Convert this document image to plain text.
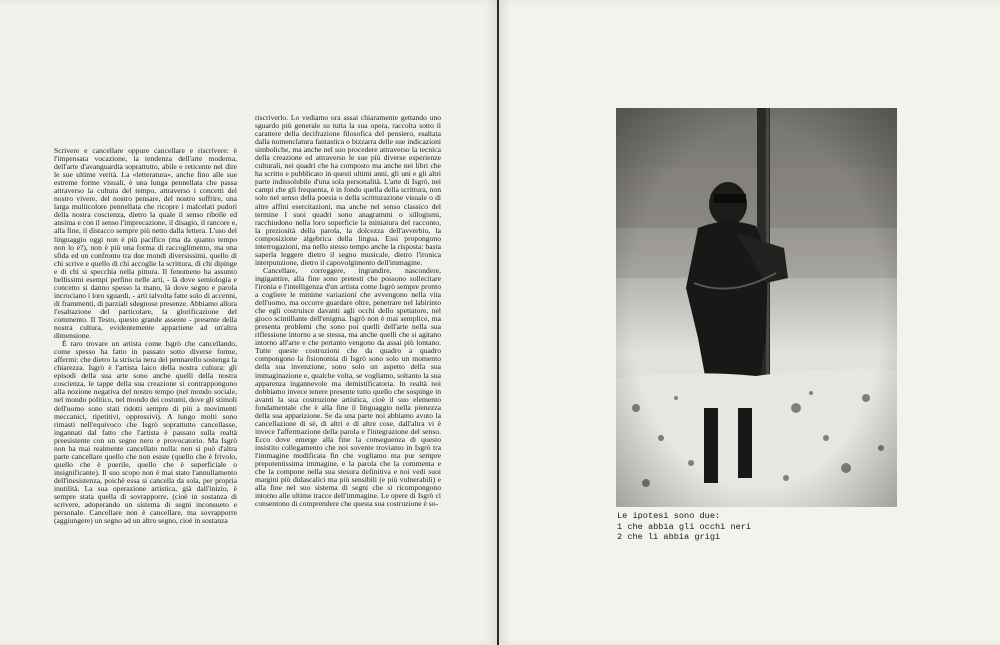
Scrivere e cancellare oppure cancellare e riscrivere: è l'impensata vocazione, la tendenza dell'arte moderna, dell'arte d'avanguardia soprattutto, abile e reticente nel dire le sue ultime verità. La «letteratura», anche fino alle sue estreme forme visuali, è una lunga pennellata che passa attraverso la cultura del tempo, attraverso i concetti del nostro vivere, del nostro pensare, del nostro soffrire, una larga multicolore pennellata che ricopre i malcelati pudori della nostra coscienza, dietro la quale il senso ribolle ed ansima e con il senso l'imprecazione, il disagio, il rancore e, alla fine, il distacco sempre più netto dalla lettera. L'uso del linguaggio oggi non è più pacifico (ma da quanto tempo non lo è?), non è più una forma di raccoglimento, ma una sfida ed un confronto tra due mondi diversissimi, quello di chi scrive e quello di chi accoglie la scrittura, di chi dipinge e di chi si specchia nella pittura. Il fenomeno ha assunto bellissimi esempi perfino nelle arti, - là dove semiologia e concetto si danno spesso la mano, là dove segno e parola incrociano i loro sguardi, - arti talvolta fatte solo di accenni, di frammenti, di parziali sdegnose presenze. Abbiamo allora l'esaltazione del particolare, la glorificazione del commento. Il Testo, questo grande assente - presente della nostra cultura, evidentemente appartiene ad un'altra dimensione.

È raro trovare un artista come Isgrò che cancellando, come spesso ha fatto in passato sotto diverse forme, affermi: che dietro la striscia nera del pennarello sostenga la chiarezza. Isgrò è l'artista laico della nostra cultura: gli episodi della sua arte sono anche quelli della nostra coscienza, le tappe della sua creazione si contrappongono alla nozione negativa del nostro tempo (nel mondo sociale, nel mondo politico, nel mondo dei costumi, dove gli stimoli dell'uomo sono stati ridotti sempre di più a movimenti meccanici, ripetitivi, oppressivi). A lungo molti sono rimasti nell'equivoco che Isgrò soprattutto cancellasse, ingannati dal fatto che l'artista è passato sulla realtà preesistente con un segno nero e provocatorio. Ma Isgrò non ha mai realmente cancellato nulla: non si può d'altra parte cancellare quello che non esiste (quello che è frivolo, quello che è puerile, quello che è superficiale o insignificante). Il suo scopo non è mai stato l'annullamento dell'inesistenza, poichè essa si cancella da sola, per propria inutilità. La sua operazione artistica, già dall'inizio, è sempre stata quella di sovrapporre, (cioè in sostanza di scrivere, adoperando un sistema di segni inconsueto e personale. Cancellare non è cancellare, ma sovrapporre (aggiungere) un segno ad un altro segno, cioè in sostanza

riscriverlo. Lo vediamo ora assai chiaramente gettando uno sguardo più generale su tutta la sua opera, raccolta sotto il carattere della decifrazione filosofica del pensiero, esaltata dalla nomenclatura fantastica o bizzarra delle sue indicazioni simboliche, ma anche nel suo procedere attraverso la tecnica della creazione ed attraverso le sue più diverse esperienze culturali, nei quadri che ha composto ma anche nei libri che ha scritto e pubblicato in questi ultimi anni, gli uni e gli altri parte indissolubile d'una sola personalità. L'arte di Isgrò, nei campi che gli frequenta, è in fondo quella della scrittura, non solo nel senso della poesia o della scritturazione visuale o di altre affini esercitazioni, ma anche nel senso classico del termine I suoi quadri sono anagrammi o sillogismi, racchiudono nella loro superficie la miniatura del racconto, la preziosità della parola, la dolcezza dell'avverbio, la composizione algebrica della lingua. Essi propongono interrogazioni, ma nello stesso tempo anche la risposta: basta saperla leggere dietro il segno musicale, dietro l'ironica interpunzione, dietro il capovolgimento dell'immagine.

Cancellare, correggere, ingrandire, nascondere, ingigantire, alla fine sono pretesti che possono sollecitare l'ironia e l'intelligenza d'un artista come Isgrò sempre pronto a cogliere le minime variazioni che avvengono nella vita dell'uomo, ma occorre guardare oltre, penetrare nel labirinto che egli costruisce davanti agli occhi dello spettatore, nel gioco scintillante dell'enigma. Isgrò non è mai semplice, ma presenta problemi che sono poi quelli dell'arte nella sua riflessione intorno a se stessa, ma anche quelli che si agitano intorno all'arte e che pertanto vengono da assai più lontano. Tutte queste costruzioni che da quadro a quadro compongono la fisionomia di Isgrò sono solo un momento della sua invenzione, sono solo un aspetto della sua immaginazione e, qualche volta, se vogliamo, soltanto la sua apparenza ingannevole ma demistificatoria. In realtà noi dobbiamo invece tenere presente tutto quello che sospinge in avanti la sua costruzione artistica, cioè il suo elemento fondamentale che è alla fine il linguaggio nella pienezza della sua apparizione. Se da una parte noi abbiamo avuto la cancellazione di sè, di altri e di altre cose, dall'altra vi è invece l'affermazione della parola e l'integrazione del senso. Ecco dove emerge alla fine la conseguenza di questo insistito collegamento che noi sovente troviamo in Isgrò tra l'immagine modificata fin che vogliamo ma pur sempre prepotentissima immagine, e la parola che la commenta e che la compone nella sua stesura definitiva e noi vedi suoi margini più didascalici ma più sensibili (e più vulnerabili) e alla fine nel suo sistema di segni che si ricompongono intorno alle ultime tracce dell'immagine. Le opere di Isgrò ci consentono di comprendere che questa sua costruzione è so-

Le ipotesi sono due:
1 che abbia gli occhi neri
2 che li abbia grigi
